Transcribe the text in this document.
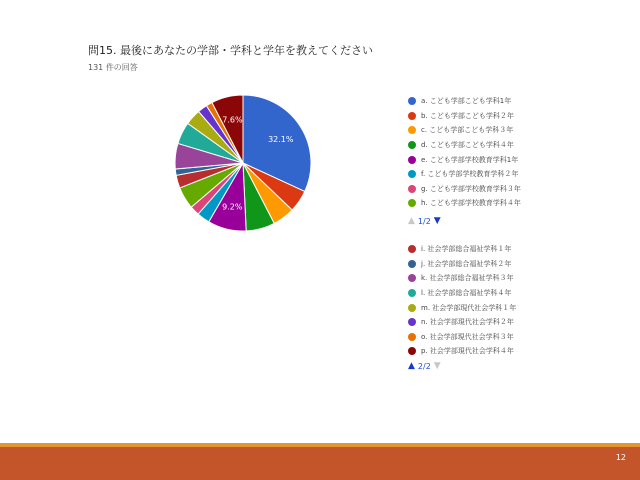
問15. 最後にあなたの学部・学科と学年を教えてください
131 件の回答
32.1%
9.2%
7.6%
a. こども学部こども学科1年
b. こども学部こども学科２年
c. こども学部こども学科３年
d. こども学部こども学科４年
e. こども学部学校教育学科1年
f. こども学部学校教育学科２年
g. こども学部学校教育学科３年
h. こども学部学校教育学科４年
▲ 1/2 ▼
i. 社会学部総合福祉学科１年
j. 社会学部総合福祉学科２年
k. 社会学部総合福祉学科３年
l. 社会学部総合福祉学科４年
m. 社会学部現代社会学科１年
n. 社会学部現代社会学科２年
o. 社会学部現代社会学科３年
p. 社会学部現代社会学科４年
▲ 2/2 ▼
12
